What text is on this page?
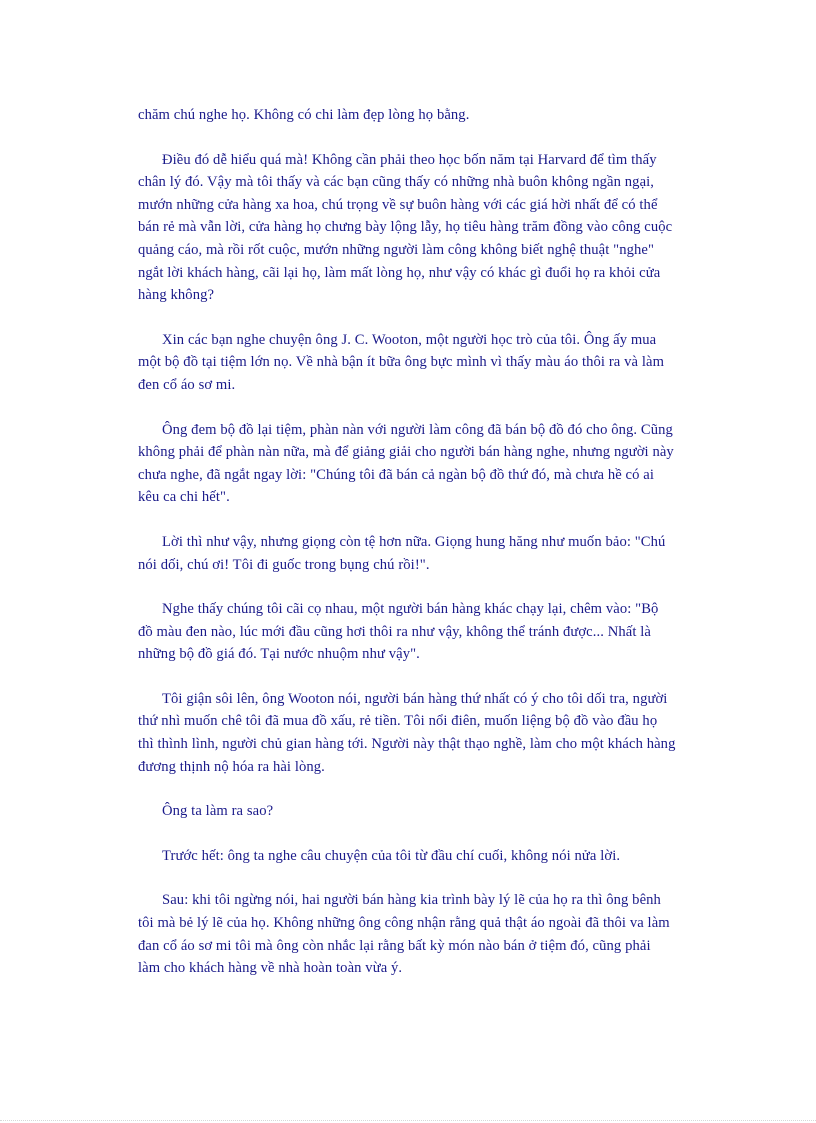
chăm chú nghe họ. Không có chi làm đẹp lòng họ bằng.

Điều đó dễ hiểu quá mà! Không cần phải theo học bốn năm tại Harvard để tìm thấy chân lý đó. Vậy mà tôi thấy và các bạn cũng thấy có những nhà buôn không ngần ngại, mướn những cửa hàng xa hoa, chú trọng về sự buôn hàng với các giá hời nhất để có thể bán rẻ mà vẫn lời, cửa hàng họ chưng bày lộng lẫy, họ tiêu hàng trăm đồng vào công cuộc quảng cáo, mà rồi rốt cuộc, mướn những người làm công không biết nghệ thuật "nghe" ngắt lời khách hàng, cãi lại họ, làm mất lòng họ, như vậy có khác gì đuổi họ ra khỏi cửa hàng không?

Xin các bạn nghe chuyện ông J. C. Wooton, một người học trò của tôi. Ông ấy mua một bộ đồ tại tiệm lớn nọ. Về nhà bận ít bữa ông bực mình vì thấy màu áo thôi ra và làm đen cổ áo sơ mi.

Ông đem bộ đồ lại tiệm, phàn nàn với người làm công đã bán bộ đồ đó cho ông. Cũng không phải để phàn nàn nữa, mà để giảng giải cho người bán hàng nghe, nhưng người này chưa nghe, đã ngắt ngay lời: "Chúng tôi đã bán cả ngàn bộ đồ thứ đó, mà chưa hề có ai kêu ca chi hết".

Lời thì như vậy, nhưng giọng còn tệ hơn nữa. Giọng hung hăng như muốn bảo: "Chú nói dối, chú ơi! Tôi đi guốc trong bụng chú rồi!".

Nghe thấy chúng tôi cãi cọ nhau, một người bán hàng khác chạy lại, chêm vào: "Bộ đồ màu đen nào, lúc mới đầu cũng hơi thôi ra như vậy, không thể tránh được... Nhất là những bộ đồ giá đó. Tại nước nhuộm như vậy".

Tôi giận sôi lên, ông Wooton nói, người bán hàng thứ nhất có ý cho tôi dối tra, người thứ nhì muốn chê tôi đã mua đồ xấu, rẻ tiền. Tôi nổi điên, muốn liệng bộ đồ vào đầu họ thì thình lình, người chủ gian hàng tới. Người này thật thạo nghề, làm cho một khách hàng đương thịnh nộ hóa ra hài lòng.

Ông ta làm ra sao?

Trước hết: ông ta nghe câu chuyện của tôi từ đầu chí cuối, không nói nửa lời.

Sau: khi tôi ngừng nói, hai người bán hàng kia trình bày lý lẽ của họ ra thì ông bênh tôi mà bẻ lý lẽ của họ. Không những ông công nhận rằng quả thật áo ngoài đã thôi va làm đan cổ áo sơ mi tôi mà ông còn nhắc lại rằng bất kỳ món nào bán ở tiệm đó, cũng phải làm cho khách hàng về nhà hoàn toàn vừa ý.
